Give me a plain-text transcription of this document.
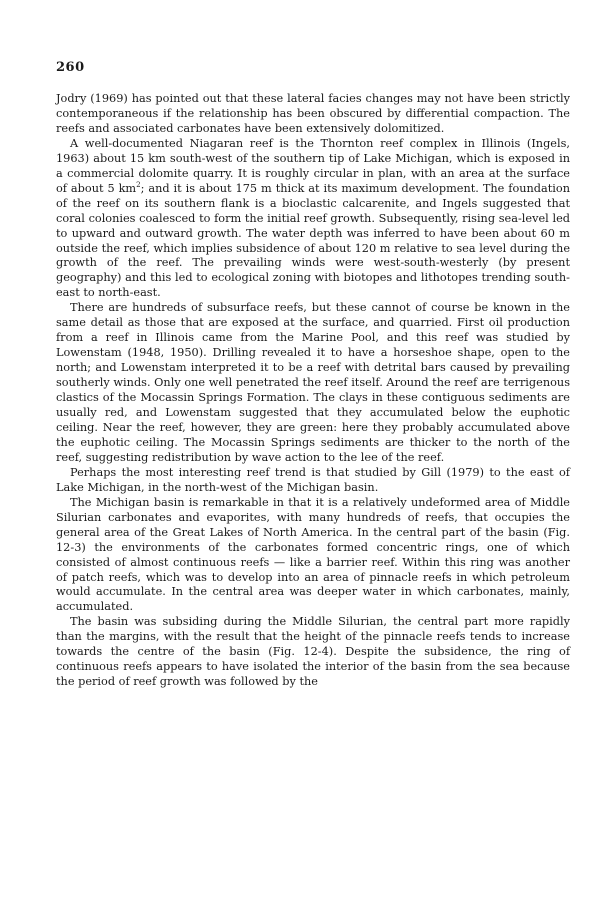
260

Jodry (1969) has pointed out that these lateral facies changes may not have been strictly contemporaneous if the relationship has been obscured by differential compaction. The reefs and associated carbonates have been extensively dolomitized.

A well-documented Niagaran reef is the Thornton reef complex in Illinois (Ingels, 1963) about 15 km south-west of the southern tip of Lake Michigan, which is exposed in a commercial dolomite quarry. It is roughly circular in plan, with an area at the surface of about 5 $km^2$; and it is about 175 m thick at its maximum development. The foundation of the reef on its southern flank is a bioclastic calcarenite, and Ingels suggested that coral colonies coalesced to form the initial reef growth. Subsequently, rising sea-level led to upward and outward growth. The water depth was inferred to have been about 60 m outside the reef, which implies subsidence of about 120 m relative to sea level during the growth of the reef. The prevailing winds were west-south-westerly (by present geography) and this led to ecological zoning with biotopes and lithotopes trending south-east to north-east.

There are hundreds of subsurface reefs, but these cannot of course be known in the same detail as those that are exposed at the surface, and quarried. First oil production from a reef in Illinois came from the Marine Pool, and this reef was studied by Lowenstam (1948, 1950). Drilling revealed it to have a horseshoe shape, open to the north; and Lowenstam interpreted it to be a reef with detrital bars caused by prevailing southerly winds. Only one well penetrated the reef itself. Around the reef are terrigenous clastics of the Mocassin Springs Formation. The clays in these contiguous sediments are usually red, and Lowenstam suggested that they accumulated below the euphotic ceiling. Near the reef, however, they are green: here they probably accumulated above the euphotic ceiling. The Mocassin Springs sediments are thicker to the north of the reef, suggesting redistribution by wave action to the lee of the reef.

Perhaps the most interesting reef trend is that studied by Gill (1979) to the east of Lake Michigan, in the north-west of the Michigan basin.

The Michigan basin is remarkable in that it is a relatively undeformed area of Middle Silurian carbonates and evaporites, with many hundreds of reefs, that occupies the general area of the Great Lakes of North America. In the central part of the basin (Fig. 12-3) the environments of the carbonates formed concentric rings, one of which consisted of almost continuous reefs — like a barrier reef. Within this ring was another of patch reefs, which was to develop into an area of pinnacle reefs in which petroleum would accumulate. In the central area was deeper water in which carbonates, mainly, accumulated.

The basin was subsiding during the Middle Silurian, the central part more rapidly than the margins, with the result that the height of the pinnacle reefs tends to increase towards the centre of the basin (Fig. 12-4). Despite the subsidence, the ring of continuous reefs appears to have isolated the interior of the basin from the sea because the period of reef growth was followed by the
